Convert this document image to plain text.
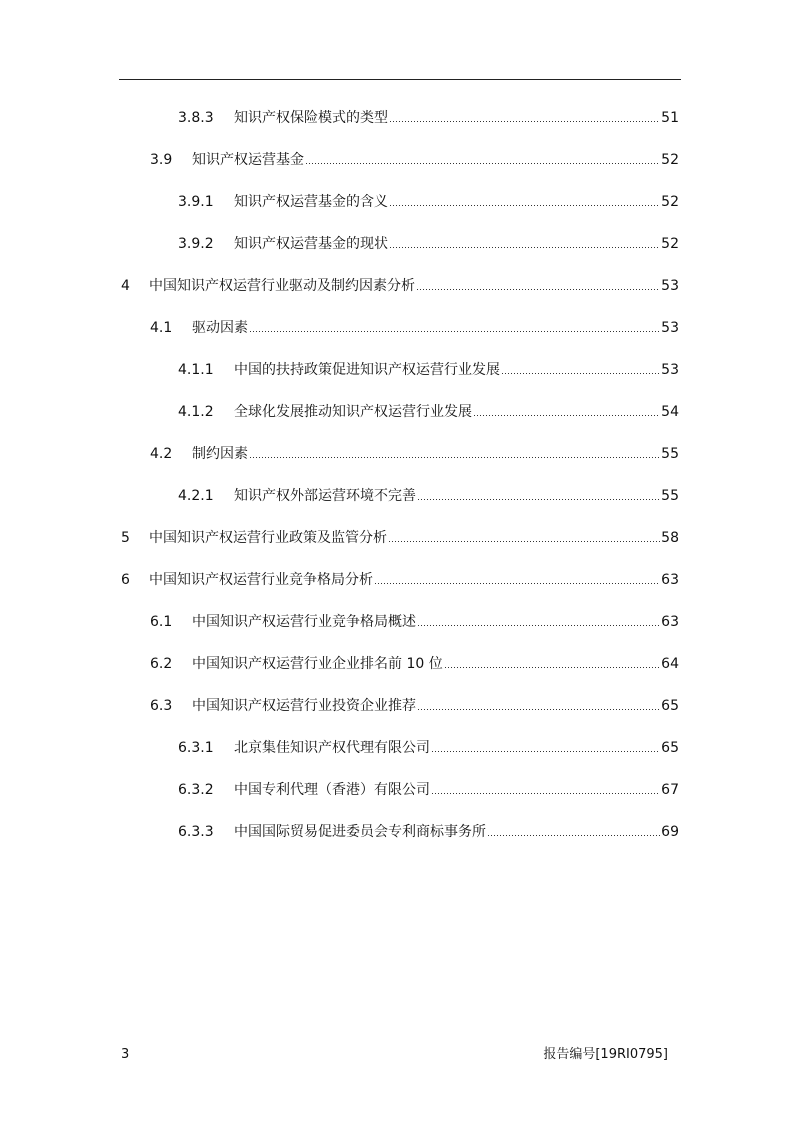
3.8.3	知识产权保险模式的类型	51
3.9	知识产权运营基金	52
3.9.1	知识产权运营基金的含义	52
3.9.2	知识产权运营基金的现状	52
4	中国知识产权运营行业驱动及制约因素分析	53
4.1	驱动因素	53
4.1.1	中国的扶持政策促进知识产权运营行业发展	53
4.1.2	全球化发展推动知识产权运营行业发展	54
4.2	制约因素	55
4.2.1	知识产权外部运营环境不完善	55
5	中国知识产权运营行业政策及监管分析	58
6	中国知识产权运营行业竞争格局分析	63
6.1	中国知识产权运营行业竞争格局概述	63
6.2	中国知识产权运营行业企业排名前 10 位	64
6.3	中国知识产权运营行业投资企业推荐	65
6.3.1	北京集佳知识产权代理有限公司	65
6.3.2	中国专利代理（香港）有限公司	67
6.3.3	中国国际贸易促进委员会专利商标事务所	69
3	报告编号[19RI0795]
